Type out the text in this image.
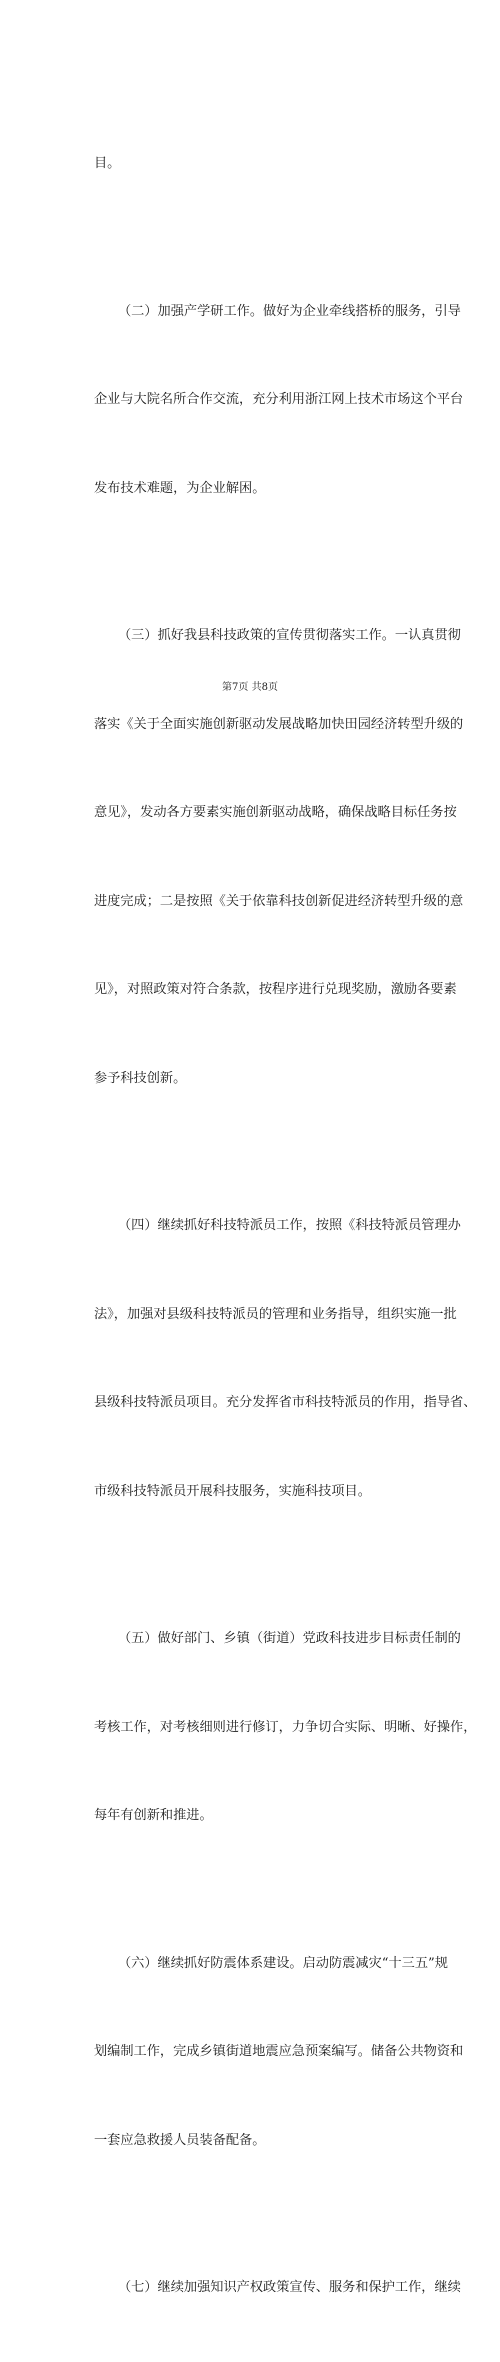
目。

（二）加强产学研工作。做好为企业牵线搭桥的服务，引导

企业与大院名所合作交流，充分利用浙江网上技术市场这个平台

发布技术难题，为企业解困。

（三）抓好我县科技政策的宣传贯彻落实工作。一认真贯彻

落实《关于全面实施创新驱动发展战略加快田园经济转型升级的

意见》，发动各方要素实施创新驱动战略，确保战略目标任务按

进度完成；二是按照《关于依靠科技创新促进经济转型升级的意

见》，对照政策对符合条款，按程序进行兑现奖励，激励各要素

参予科技创新。

（四）继续抓好科技特派员工作，按照《科技特派员管理办

法》，加强对县级科技特派员的管理和业务指导，组织实施一批

县级科技特派员项目。充分发挥省市科技特派员的作用，指导省、

市级科技特派员开展科技服务，实施科技项目。

（五）做好部门、乡镇（街道）党政科技进步目标责任制的

考核工作，对考核细则进行修订，力争切合实际、明晰、好操作，

每年有创新和推进。

（六）继续抓好防震体系建设。启动防震减灾“十三五”规

划编制工作，完成乡镇街道地震应急预案编写。储备公共物资和

一套应急救援人员装备配备。

（七）继续加强知识产权政策宣传、服务和保护工作，继续

第7页 共8页
